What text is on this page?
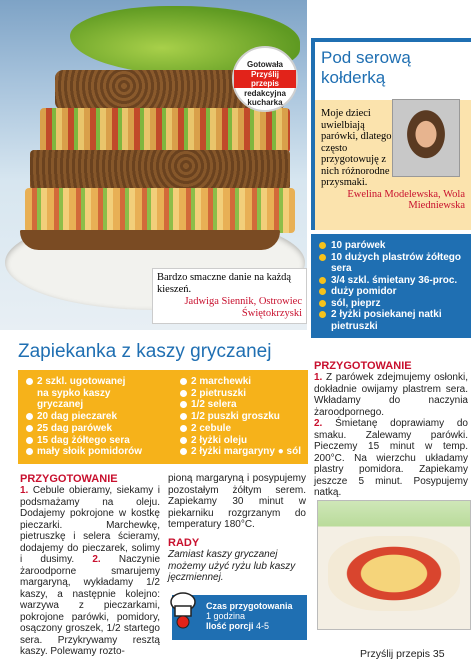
Gotowała
Przyślij przepis
redakcyjna kucharka
Bardzo smaczne danie na każdą kieszeń.
Jadwiga Siennik, Ostrowiec Świętokrzyski
Pod serową kołderką
Moje dzieci uwielbiają parówki, dlatego często przygotowuję z nich różnorodne przysmaki.
Ewelina Modelewska, Wola Miedniewska
10 parówek
10 dużych plastrów żółtego sera
3/4 szkl. śmietany 36-proc.
duży pomidor
sól, pieprz
2 łyżki posiekanej natki pietruszki
PRZYGOTOWANIE
1. Z parówek zdejmujemy osłonki, dokładnie owijamy plastrem sera. Wkładamy do naczynia żaroodpornego.
2. Śmietanę doprawiamy do smaku. Zalewamy parówki. Pieczemy 15 minut w temp. 200°C. Na wierzchu układamy plastry pomidora. Zapiekamy jeszcze 5 minut. Posypujemy natką.
Przyślij przepis 35
Zapiekanka z kaszy gryczanej
2 szkl. ugotowanej
na sypko kaszy
gryczanej
20 dag pieczarek
25 dag parówek
15 dag żółtego sera
mały słoik pomidorów
2 marchewki
2 pietruszki
1/2 selera
1/2 puszki groszku
2 cebule
2 łyżki oleju
2 łyżki margaryny ● sól
PRZYGOTOWANIE
1. Cebule obieramy, siekamy i podsmażamy na oleju. Dodajemy pokrojone w kostkę pieczarki. Marchewkę, pietruszkę i selera ścieramy, dodajemy do pieczarek, solimy i dusimy. 2. Naczynie żaroodporne smarujemy margaryną, wykładamy 1/2 kaszy, a następnie kolejno: warzywa z pieczarkami, pokrojone parówki, pomidory, osączony groszek, 1/2 startego sera. Przykrywamy resztą kaszy. Polewamy rozto-
pioną margaryną i posypujemy pozostałym żółtym serem. Zapiekamy 30 minut w piekarniku rozgrzanym do temperatury 180°C.
RADY
Zamiast kaszy gryczanej możemy użyć ryżu lub kaszy jęczmiennej.
Czas przygotowania
1 godzina
Ilość porcji 4-5
